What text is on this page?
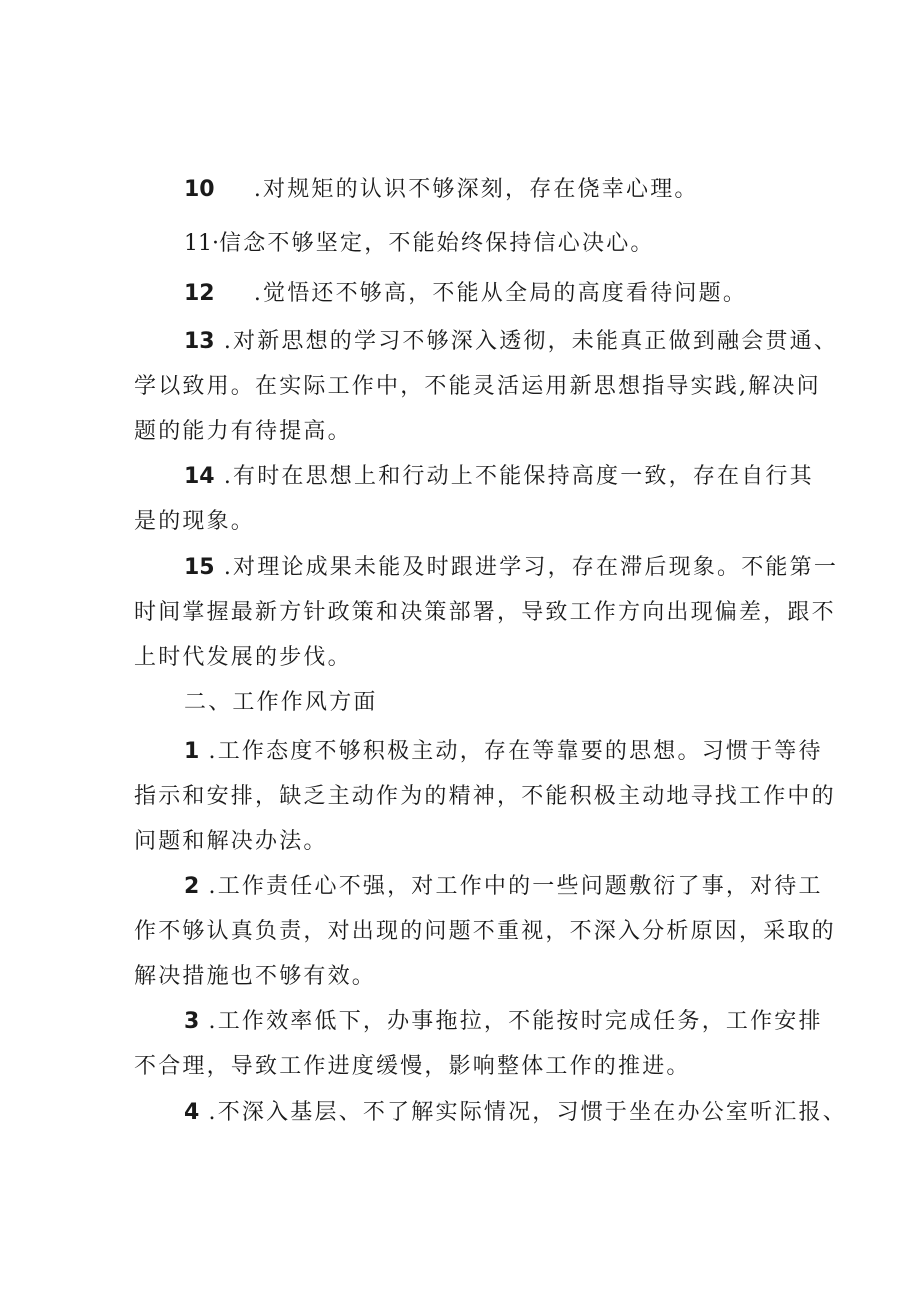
10 .对规矩的认识不够深刻，存在侥幸心理。
11·信念不够坚定，不能始终保持信心决心。
12 .觉悟还不够高，不能从全局的高度看待问题。
13 .对新思想的学习不够深入透彻，未能真正做到融会贯通、
学以致用。在实际工作中，不能灵活运用新思想指导实践,解决问
题的能力有待提高。
14 .有时在思想上和行动上不能保持高度一致，存在自行其
是的现象。
15 .对理论成果未能及时跟进学习，存在滞后现象。不能第一
时间掌握最新方针政策和决策部署，导致工作方向出现偏差，跟不
上时代发展的步伐。
二、工作作风方面
1 .工作态度不够积极主动，存在等靠要的思想。习惯于等待
指示和安排，缺乏主动作为的精神，不能积极主动地寻找工作中的
问题和解决办法。
2 .工作责任心不强，对工作中的一些问题敷衍了事，对待工
作不够认真负责，对出现的问题不重视，不深入分析原因，采取的
解决措施也不够有效。
3 .工作效率低下，办事拖拉，不能按时完成任务，工作安排
不合理，导致工作进度缓慢，影响整体工作的推进。
4 .不深入基层、不了解实际情况，习惯于坐在办公室听汇报、
